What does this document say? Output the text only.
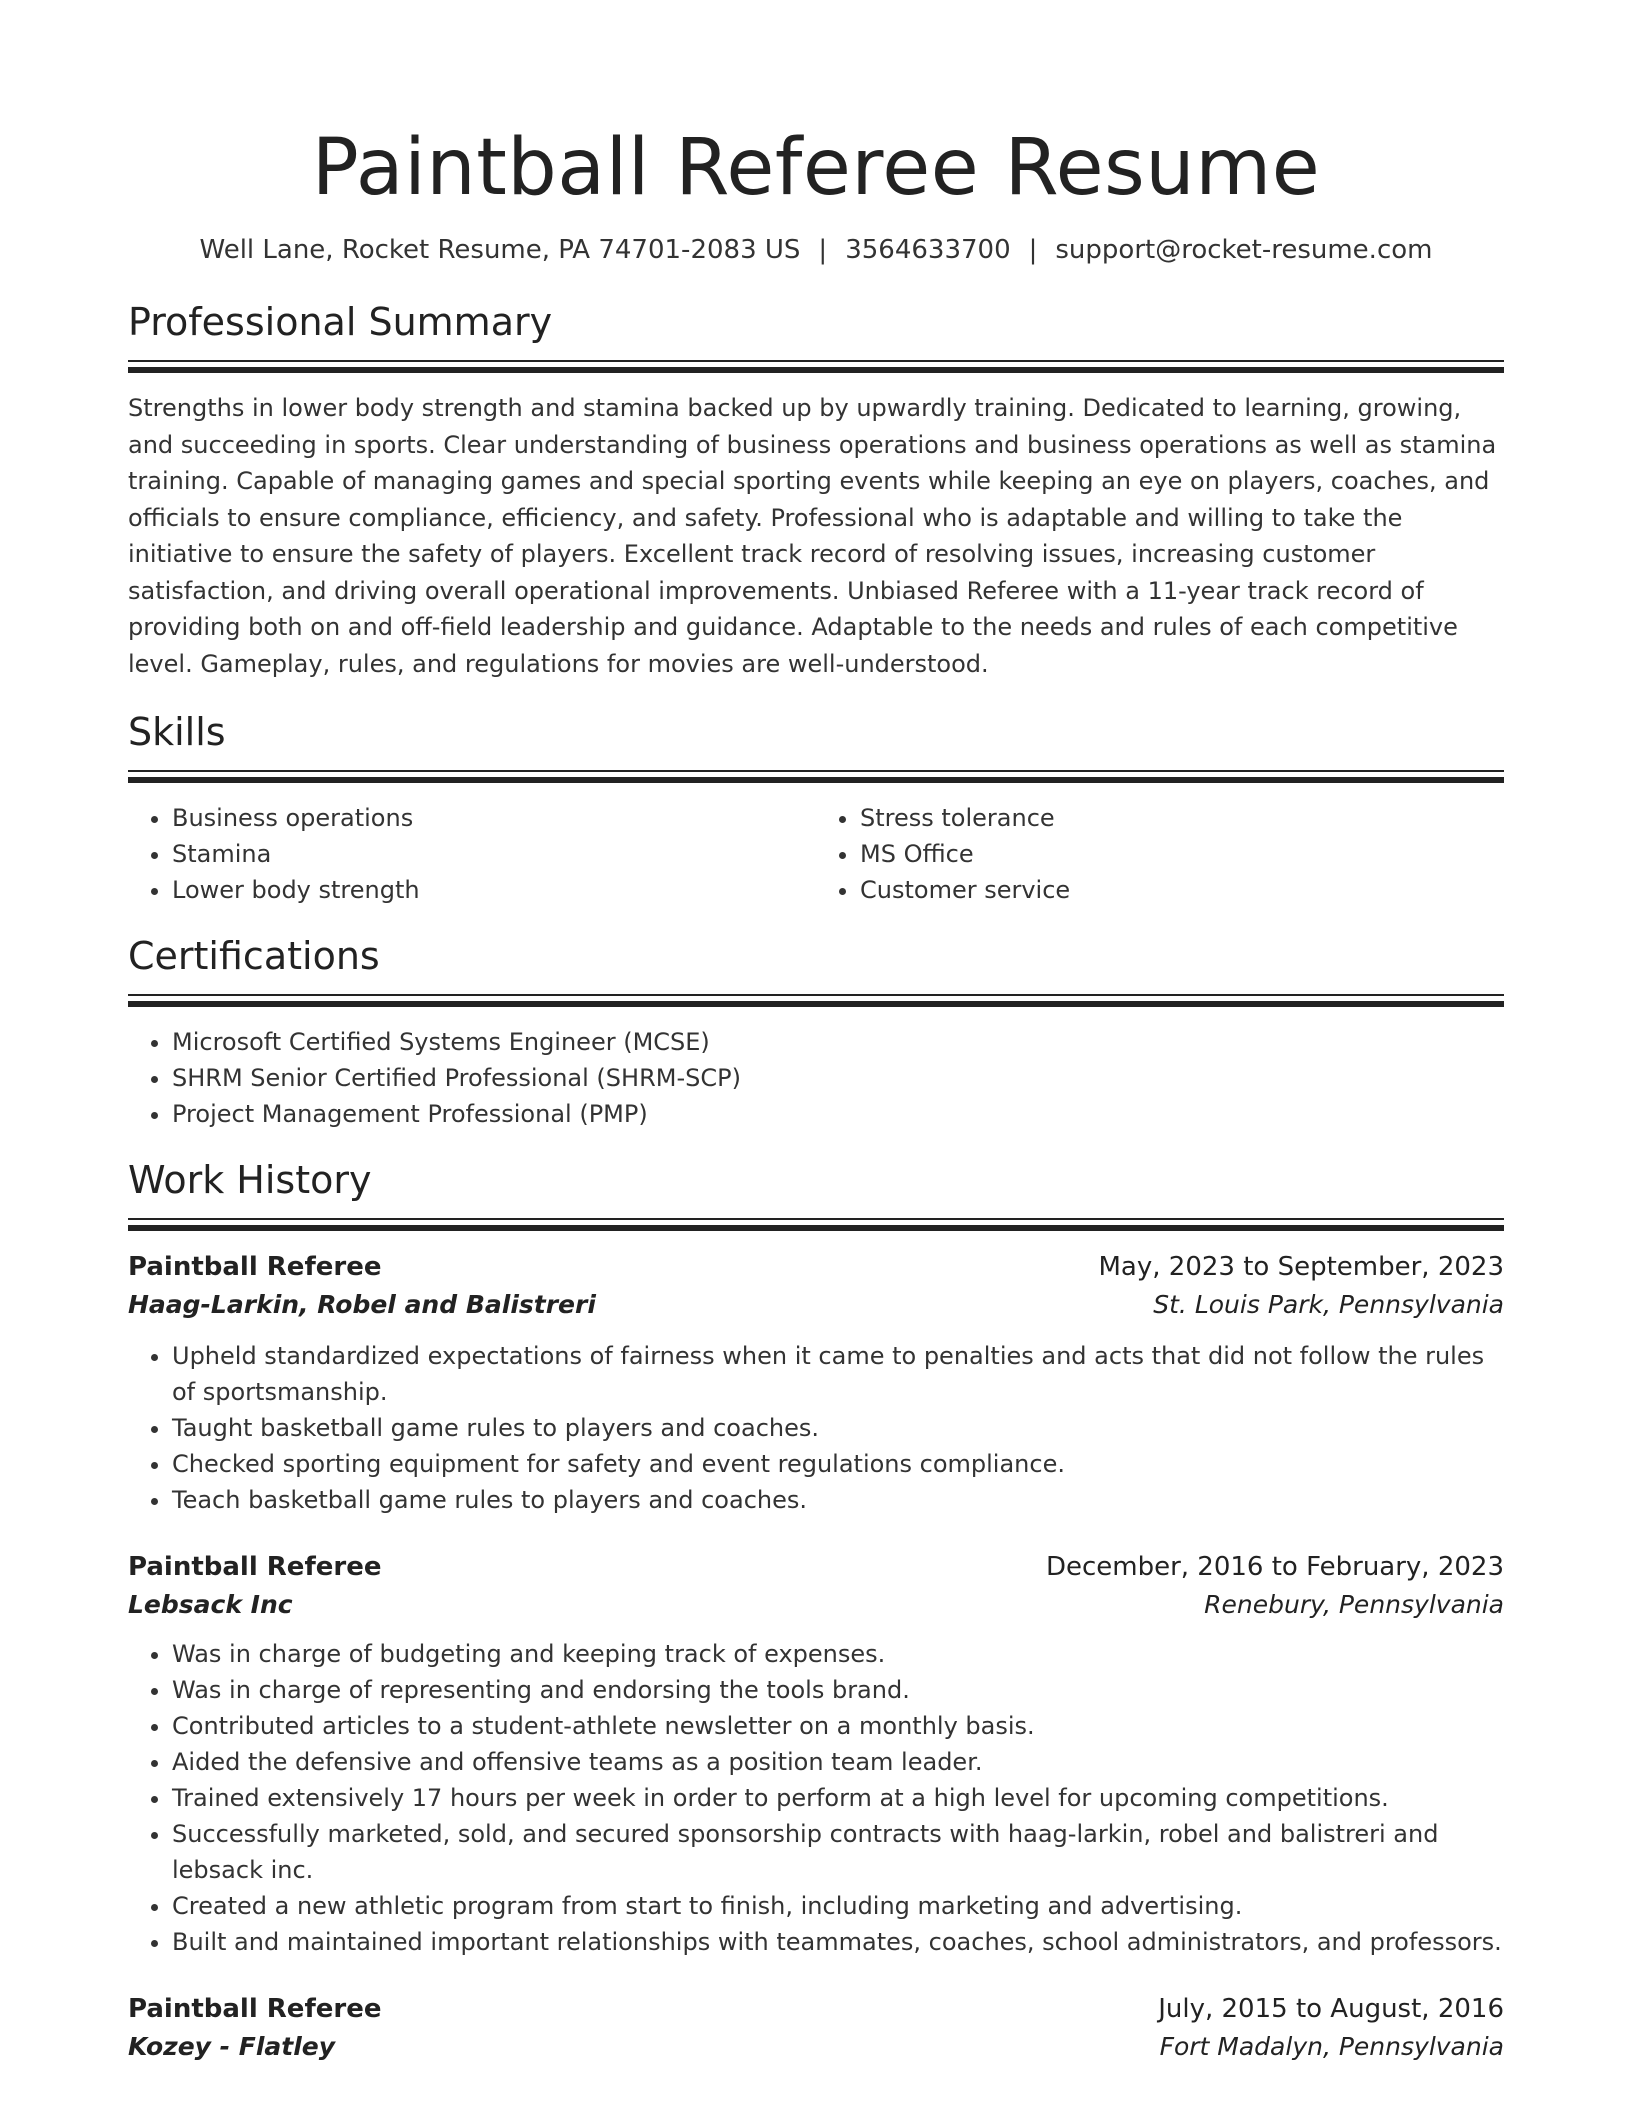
Paintball Referee Resume
Well Lane, Rocket Resume, PA 74701-2083 US | 3564633700 | support@rocket-resume.com
Professional Summary

Strengths in lower body strength and stamina backed up by upwardly training. Dedicated to learning, growing, and succeeding in sports. Clear understanding of business operations and business operations as well as stamina training. Capable of managing games and special sporting events while keeping an eye on players, coaches, and officials to ensure compliance, efficiency, and safety. Professional who is adaptable and willing to take the initiative to ensure the safety of players. Excellent track record of resolving issues, increasing customer satisfaction, and driving overall operational improvements. Unbiased Referee with a 11-year track record of providing both on and off-field leadership and guidance. Adaptable to the needs and rules of each competitive level. Gameplay, rules, and regulations for movies are well-understood.

Skills
• Business operations
• Stamina
• Lower body strength
• Stress tolerance
• MS Office
• Customer service
Certifications
• Microsoft Certified Systems Engineer (MCSE)
• SHRM Senior Certified Professional (SHRM-SCP)
• Project Management Professional (PMP)
Work History
Paintball Referee	May, 2023 to September, 2023
Haag-Larkin, Robel and Balistreri	St. Louis Park, Pennsylvania
• Upheld standardized expectations of fairness when it came to penalties and acts that did not follow the rules of sportsmanship.
• Taught basketball game rules to players and coaches.
• Checked sporting equipment for safety and event regulations compliance.
• Teach basketball game rules to players and coaches.
Paintball Referee	December, 2016 to February, 2023
Lebsack Inc	Renebury, Pennsylvania
• Was in charge of budgeting and keeping track of expenses.
• Was in charge of representing and endorsing the tools brand.
• Contributed articles to a student-athlete newsletter on a monthly basis.
• Aided the defensive and offensive teams as a position team leader.
• Trained extensively 17 hours per week in order to perform at a high level for upcoming competitions.
• Successfully marketed, sold, and secured sponsorship contracts with haag-larkin, robel and balistreri and lebsack inc.
• Created a new athletic program from start to finish, including marketing and advertising.
• Built and maintained important relationships with teammates, coaches, school administrators, and professors.
Paintball Referee	July, 2015 to August, 2016
Kozey - Flatley	Fort Madalyn, Pennsylvania
